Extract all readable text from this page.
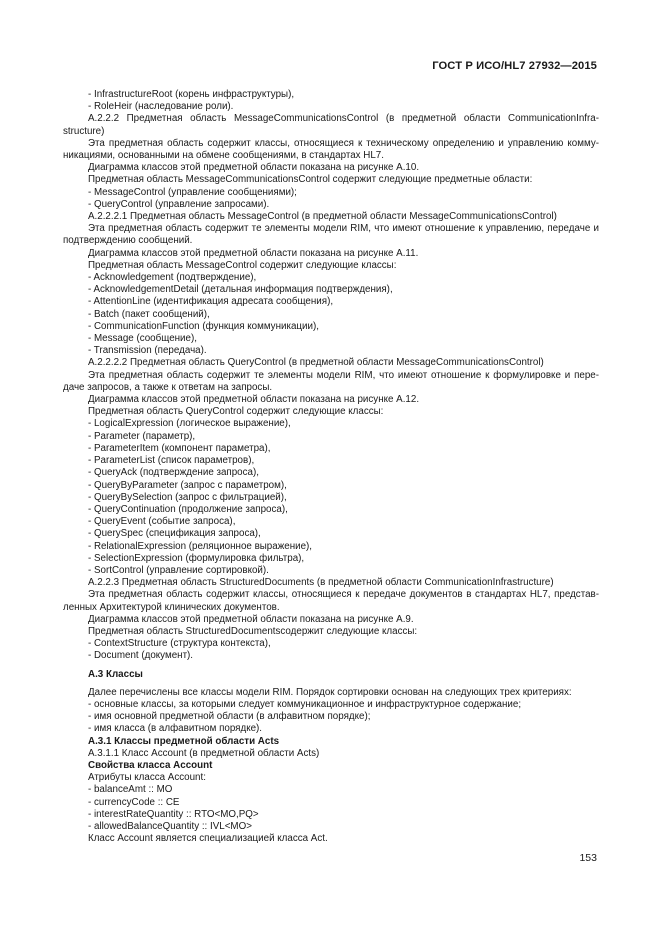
ГОСТ Р ИСО/HL7 27932—2015

- InfrastructureRoot (корень инфраструктуры),

- RoleHeir (наследование роли).

А.2.2.2 Предметная область MessageCommunicationsControl (в предметной области CommunicationInfra-structure)

Эта предметная область содержит классы, относящиеся к техническому определению и управлению комму-никациями, основанными на обмене сообщениями, в стандартах HL7.

Диаграмма классов этой предметной области показана на рисунке А.10.

Предметная область MessageCommunicationsControl содержит следующие предметные области:

- MessageControl (управление сообщениями);

- QueryControl (управление запросами).

А.2.2.2.1 Предметная область MessageControl (в предметной области MessageCommunicationsControl)

Эта предметная область содержит те элементы модели RIM, что имеют отношение к управлению, передаче и подтверждению сообщений.

Диаграмма классов этой предметной области показана на рисунке А.11.

Предметная область MessageControl содержит следующие классы:

- Acknowledgement (подтверждение),

- AcknowledgementDetail (детальная информация подтверждения),

- AttentionLine (идентификация адресата сообщения),

- Batch (пакет сообщений),

- CommunicationFunction (функция коммуникации),

- Message (сообщение),

- Transmission (передача).

А.2.2.2.2 Предметная область QueryControl (в предметной области MessageCommunicationsControl)

Эта предметная область содержит те элементы модели RIM, что имеют отношение к формулировке и пере-даче запросов, а также к ответам на запросы.

Диаграмма классов этой предметной области показана на рисунке А.12.

Предметная область QueryControl содержит следующие классы:

- LogicalExpression (логическое выражение),

- Parameter (параметр),

- ParameterItem (компонент параметра),

- ParameterList (список параметров),

- QueryAck (подтверждение запроса),

- QueryByParameter (запрос с параметром),

- QueryBySelection (запрос с фильтрацией),

- QueryContinuation (продолжение запроса),

- QueryEvent (событие запроса),

- QuerySpec (спецификация запроса),

- RelationalExpression (реляционное выражение),

- SelectionExpression (формулировка фильтра),

- SortControl (управление сортировкой).

А.2.2.3 Предметная область StructuredDocuments (в предметной области CommunicationInfrastructure)

Эта предметная область содержит классы, относящиеся к передаче документов в стандартах HL7, представ-ленных Архитектурой клинических документов.

Диаграмма классов этой предметной области показана на рисунке А.9.

Предметная область StructuredDocumentsсодержит следующие классы:

- ContextStructure (структура контекста),

- Document (документ).

А.3 Классы

Далее перечислены все классы модели RIM. Порядок сортировки основан на следующих трех критериях:

- основные классы, за которыми следует коммуникационное и инфраструктурное содержание;

- имя основной предметной области (в алфавитном порядке);

- имя класса (в алфавитном порядке).

А.3.1 Классы предметной области Acts

А.3.1.1 Класс Account (в предметной области Acts)

Свойства класса Account

Атрибуты класса Account:

- balanceAmt :: MO

- currencyCode :: CE

- interestRateQuantity :: RTO<MO,PQ>

- allowedBalanceQuantity :: IVL<MO>

Класс Account является специализацией класса Act.

153
